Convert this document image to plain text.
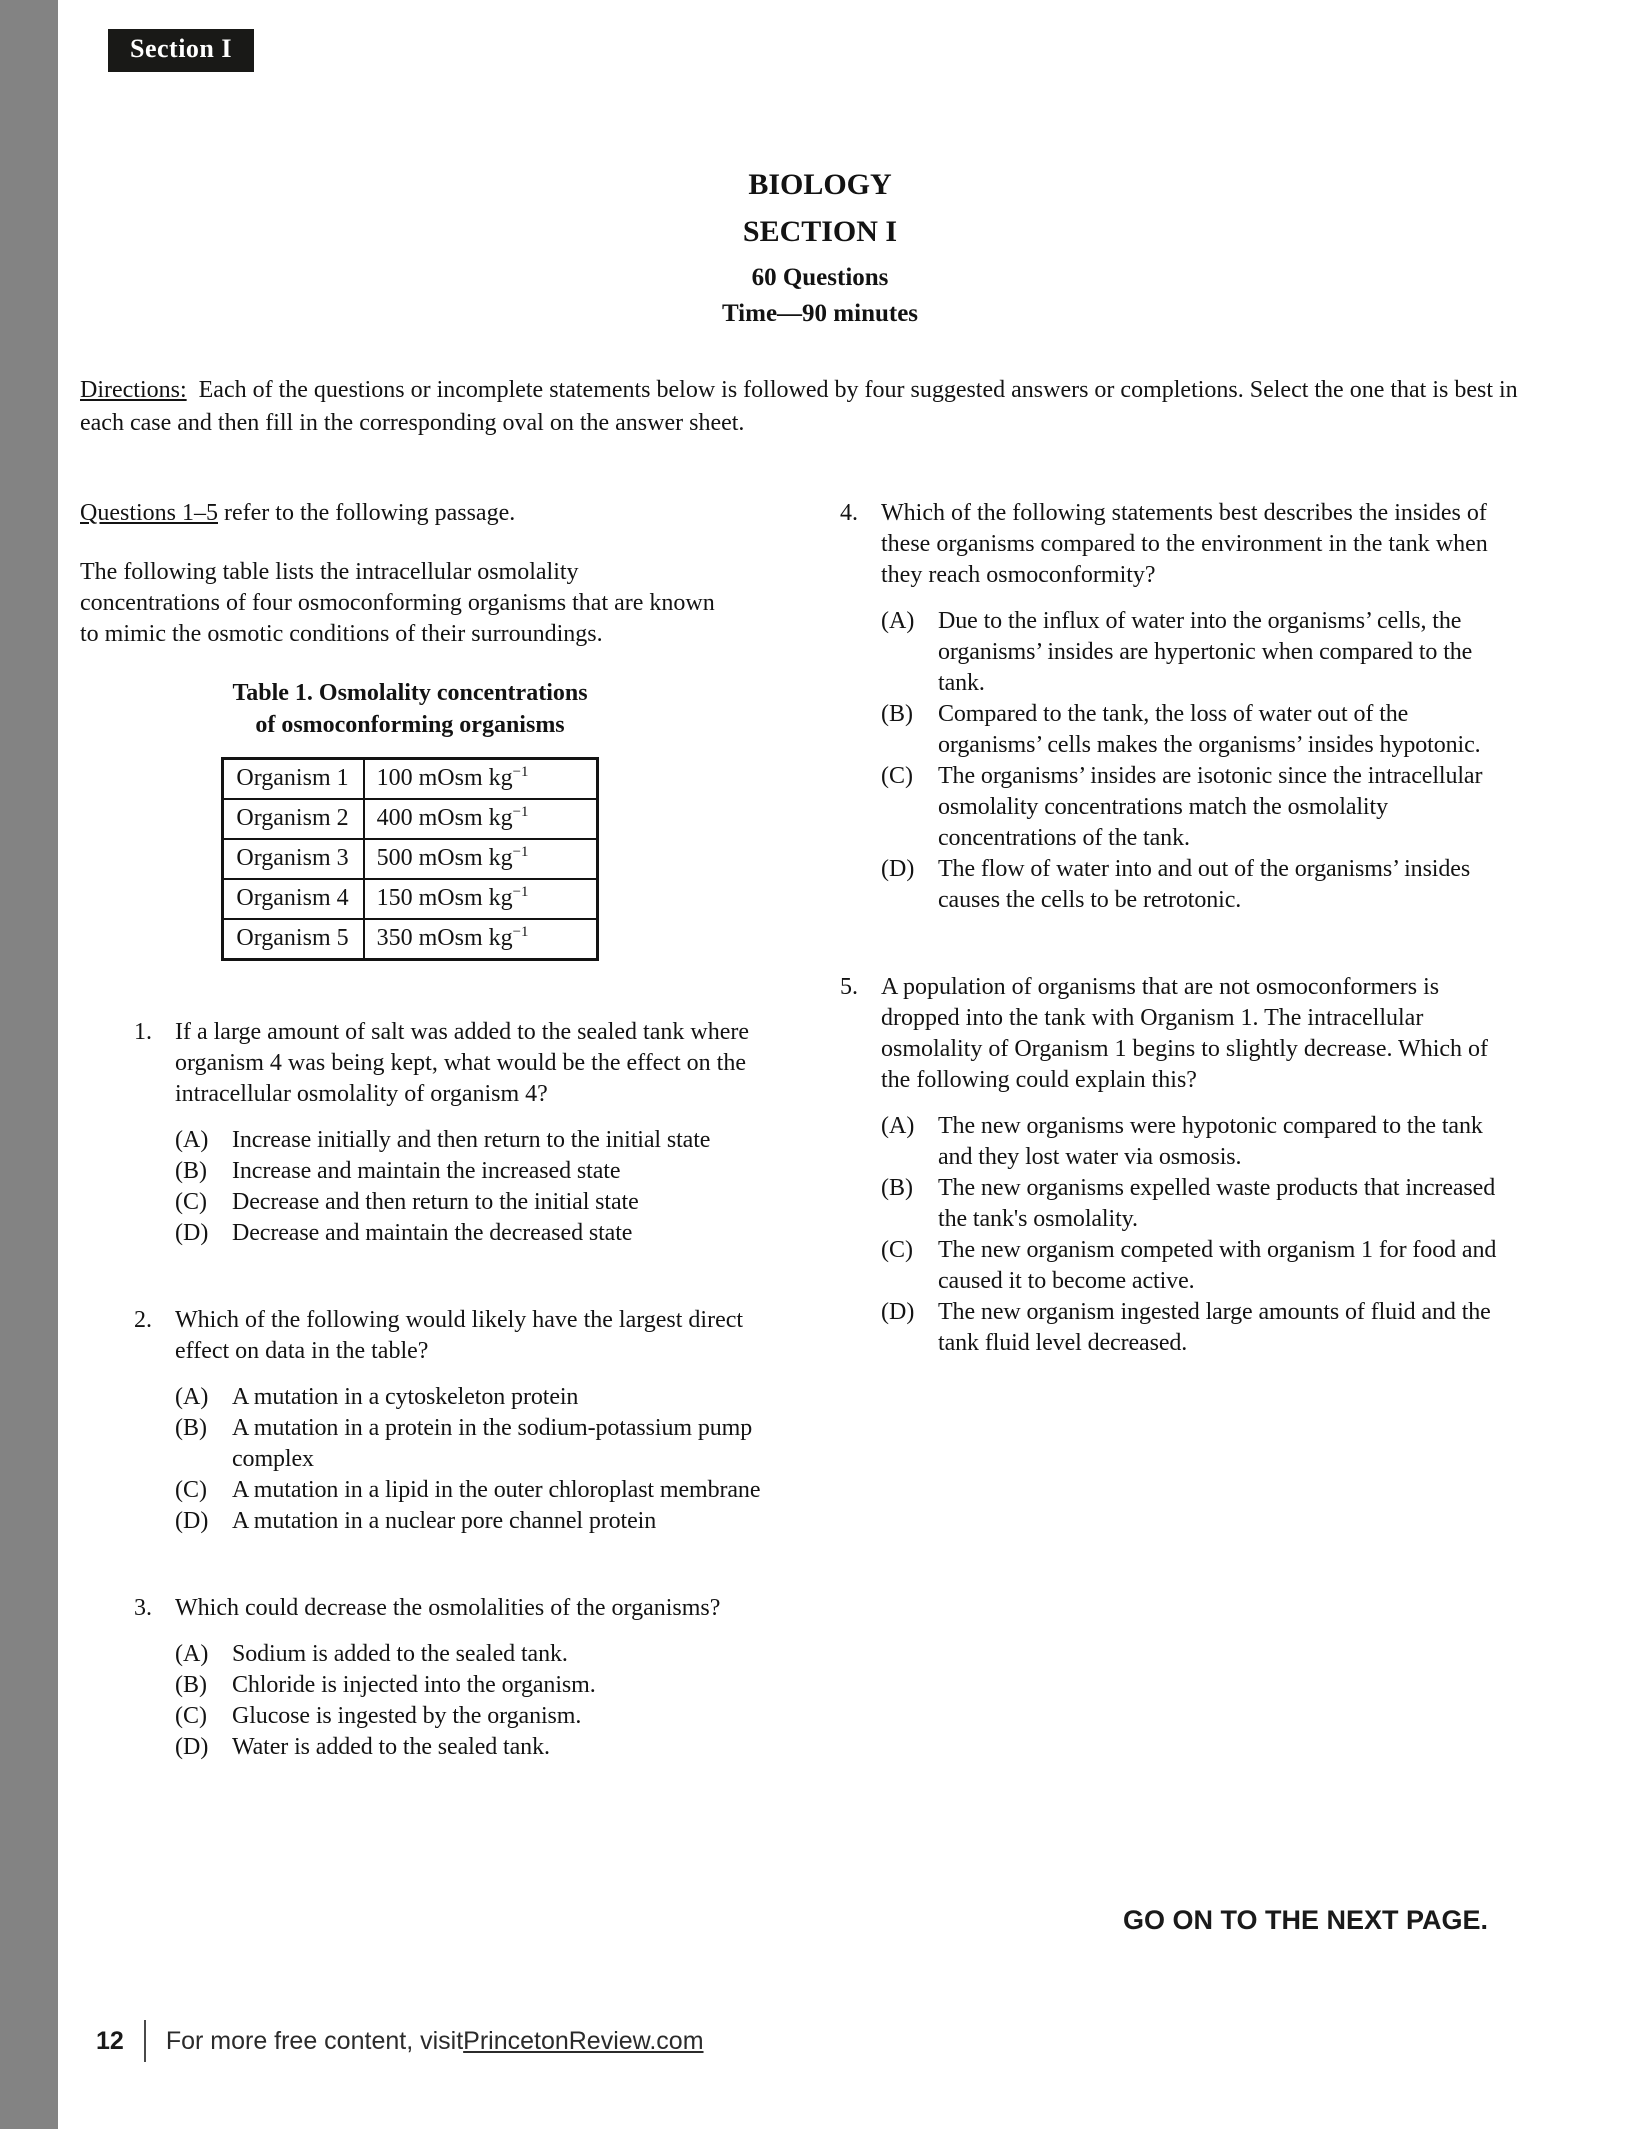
Section I
BIOLOGY
SECTION I
60 Questions
Time—90 minutes
Directions: Each of the questions or incomplete statements below is followed by four suggested answers or completions. Select the one that is best in each case and then fill in the corresponding oval on the answer sheet.
Questions 1–5 refer to the following passage.
The following table lists the intracellular osmolality concentrations of four osmoconforming organisms that are known to mimic the osmotic conditions of their surroundings.
Table 1. Osmolality concentrations
of osmoconforming organisms
Organism 1	100 mOsm $kg^{-1}$
Organism 2	400 mOsm $kg^{-1}$
Organism 3	500 mOsm $kg^{-1}$
Organism 4	150 mOsm $kg^{-1}$
Organism 5	350 mOsm $kg^{-1}$
1. If a large amount of salt was added to the sealed tank where organism 4 was being kept, what would be the effect on the intracellular osmolality of organism 4?
(A) Increase initially and then return to the initial state
(B)	Increase and maintain the increased state
(C)	Decrease and then return to the initial state
(D) Decrease and maintain the decreased state
2. Which of the following would likely have the largest direct effect on data in the table?
(A) A mutation in a cytoskeleton protein
(B)	A mutation in a protein in the sodium-potassium pump complex
(C)	A mutation in a lipid in the outer chloroplast membrane
(D) A mutation in a nuclear pore channel protein
3. Which could decrease the osmolalities of the organisms?
(A) Sodium is added to the sealed tank.
(B)	Chloride is injected into the organism.
(C)	Glucose is ingested by the organism.
(D) Water is added to the sealed tank.
4. Which of the following statements best describes the insides of these organisms compared to the environment in the tank when they reach osmoconformity?
(A) Due to the influx of water into the organisms’ cells, the organisms’ insides are hypertonic when compared to the tank.
(B)	Compared to the tank, the loss of water out of the organisms’ cells makes the organisms’ insides hypotonic.
(C)	The organisms’ insides are isotonic since the intracellular osmolality concentrations match the osmolality concentrations of the tank.
(D) The flow of water into and out of the organisms’ insides causes the cells to be retrotonic.
5. A population of organisms that are not osmoconformers is dropped into the tank with Organism 1. The intracellular osmolality of Organism 1 begins to slightly decrease. Which of the following could explain this?
(A) The new organisms were hypotonic compared to the tank and they lost water via osmosis.
(B)	The new organisms expelled waste products that increased the tank's osmolality.
(C)	The new organism competed with organism 1 for food and caused it to become active.
(D) The new organism ingested large amounts of fluid and the tank fluid level decreased.
GO ON TO THE NEXT PAGE.
12 For more free content, visit PrincetonReview.com
